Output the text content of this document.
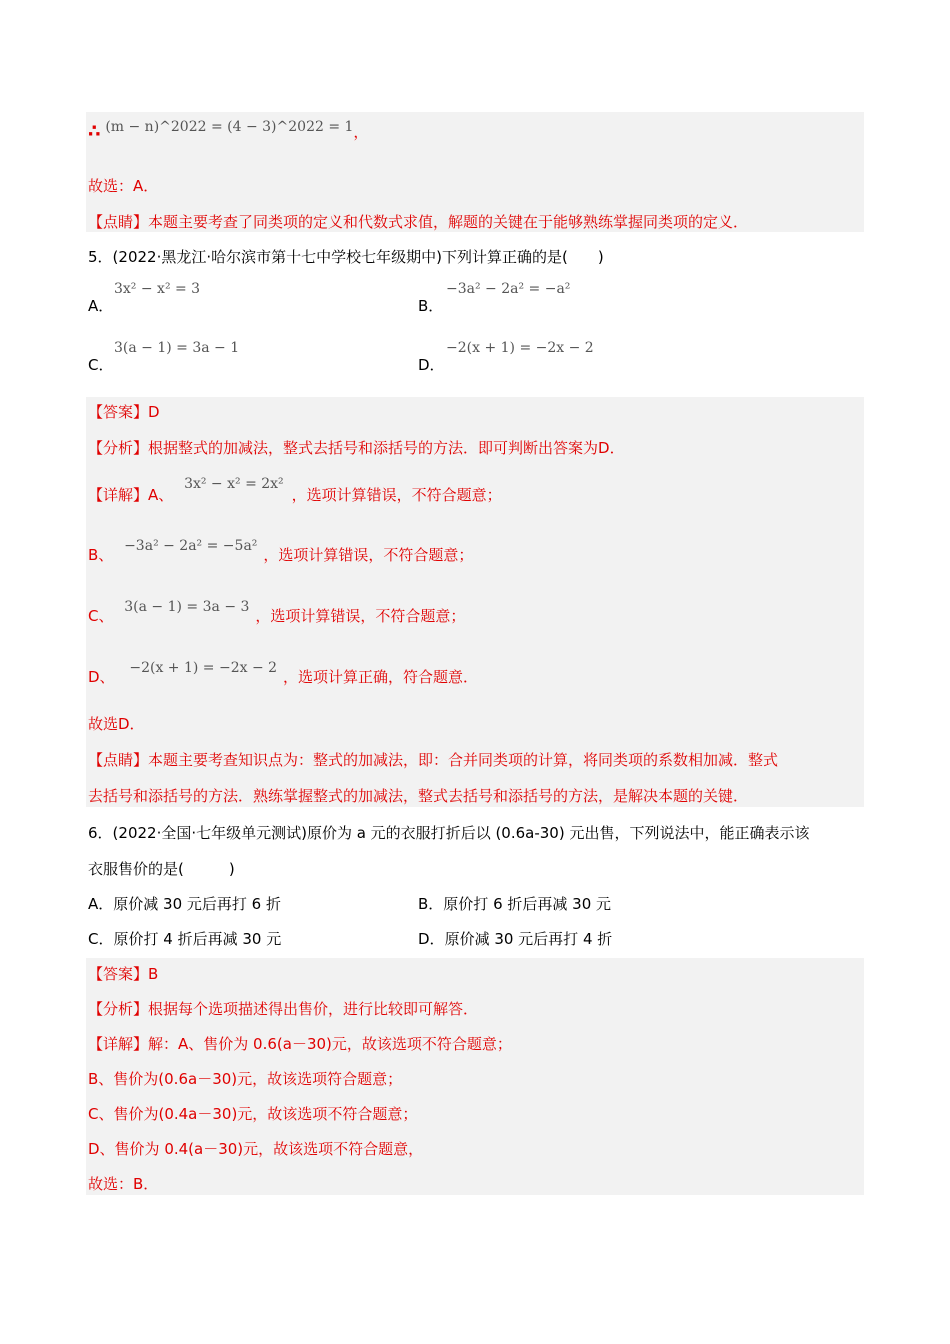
∴ (m − n)^2022 = (4 − 3)^2022 = 1，
故选：A．
【点睛】本题主要考查了同类项的定义和代数式求值，解题的关键在于能够熟练掌握同类项的定义．
5．(2022·黑龙江·哈尔滨市第十七中学校七年级期中)下列计算正确的是(　　)
A．
3x² − x² = 3
B．
−3a² − 2a² = −a²
C．
3(a − 1) = 3a − 1
D．
−2(x + 1) = −2x − 2
【答案】D
【分析】根据整式的加减法，整式去括号和添括号的方法．即可判断出答案为D．
【详解】A、 3x² − x² = 2x²，选项计算错误，不符合题意；
B、 −3a² − 2a² = −5a² ，选项计算错误，不符合题意；
C、 3(a − 1) = 3a − 3 ，选项计算错误，不符合题意；
D、 −2(x + 1) = −2x − 2 ，选项计算正确，符合题意．
故选D．
【点睛】本题主要考查知识点为：整式的加减法，即：合并同类项的计算，将同类项的系数相加减．整式
去括号和添括号的方法．熟练掌握整式的加减法，整式去括号和添括号的方法，是解决本题的关键．
6．(2022·全国·七年级单元测试)原价为 a 元的衣服打折后以 (0.6a-30) 元出售，下列说法中，能正确表示该
衣服售价的是(　　　)
A．原价减 30 元后再打 6 折	B．原价打 6 折后再减 30 元
C．原价打 4 折后再减 30 元	D．原价减 30 元后再打 4 折
【答案】B
【分析】根据每个选项描述得出售价，进行比较即可解答．
【详解】解：A、售价为 0.6(a－30)元，故该选项不符合题意；
B、售价为(0.6a－30)元，故该选项符合题意；
C、售价为(0.4a－30)元，故该选项不符合题意；
D、售价为 0.4(a－30)元，故该选项不符合题意，
故选：B．
